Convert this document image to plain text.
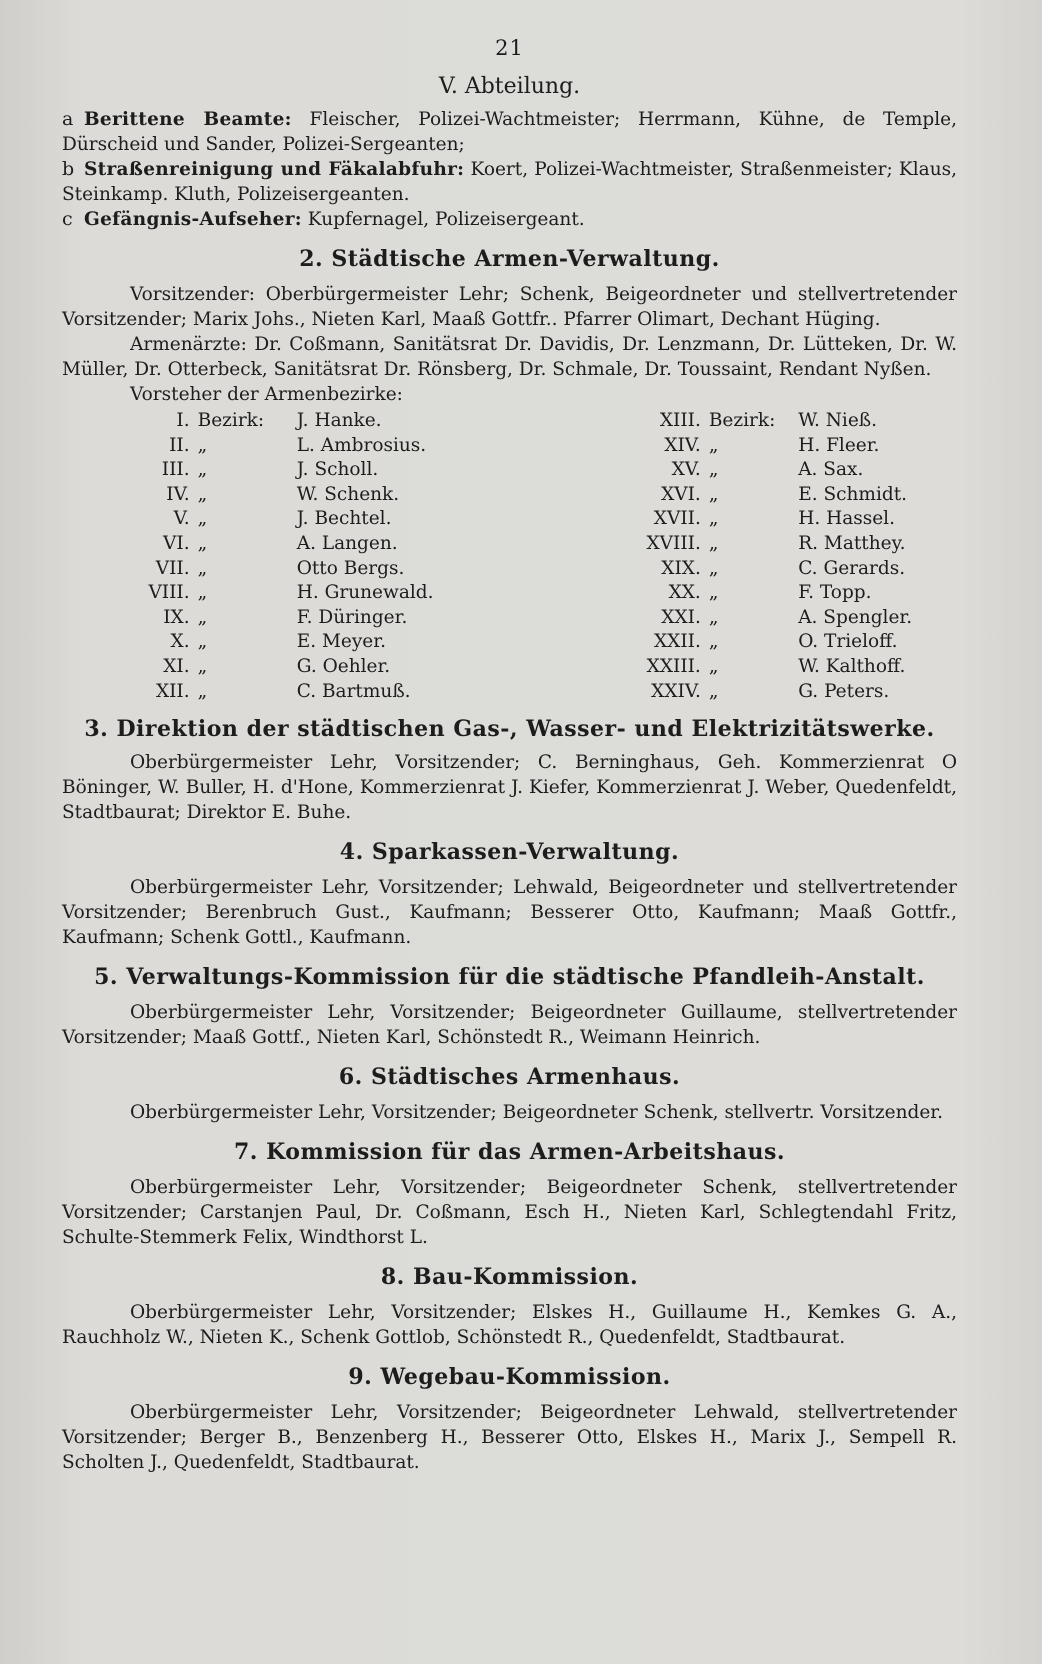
21
V. Abteilung.

a Berittene Beamte: Fleischer, Polizei-Wachtmeister; Herrmann, Kühne, de Temple, Dürscheid und Sander, Polizei-Sergeanten;

b Straßenreinigung und Fäkalabfuhr: Koert, Polizei-Wachtmeister, Straßenmeister; Klaus, Steinkamp. Kluth, Polizeisergeanten.

c Gefängnis-Aufseher: Kupfernagel, Polizeisergeant.

2. Städtische Armen-Verwaltung.

Vorsitzender: Oberbürgermeister Lehr; Schenk, Beigeordneter und stellvertretender Vorsitzender; Marix Johs., Nieten Karl, Maaß Gottfr.. Pfarrer Olimart, Dechant Hüging.

Armenärzte: Dr. Coßmann, Sanitätsrat Dr. Davidis, Dr. Lenzmann, Dr. Lütteken, Dr. W. Müller, Dr. Otterbeck, Sanitätsrat Dr. Rönsberg, Dr. Schmale, Dr. Toussaint, Rendant Nyßen.

Vorsteher der Armenbezirke:

I.	Bezirk:	J. Hanke.	XIII.	Bezirk:	W. Nieß.
II.	„	L. Ambrosius.	XIV.	„	H. Fleer.
III.	„	J. Scholl.	XV.	„	A. Sax.
IV.	„	W. Schenk.	XVI.	„	E. Schmidt.
V.	„	J. Bechtel.	XVII.	„	H. Hassel.
VI.	„	A. Langen.	XVIII.	„	R. Matthey.
VII.	„	Otto Bergs.	XIX.	„	C. Gerards.
VIII.	„	H. Grunewald.	XX.	„	F. Topp.
IX.	„	F. Düringer.	XXI.	„	A. Spengler.
X.	„	E. Meyer.	XXII.	„	O. Trieloff.
XI.	„	G. Oehler.	XXIII.	„	W. Kalthoff.
XII.	„	C. Bartmuß.	XXIV.	„	G. Peters.
3. Direktion der städtischen Gas-, Wasser- und Elektrizitätswerke.

Oberbürgermeister Lehr, Vorsitzender; C. Berninghaus, Geh. Kommerzienrat O Böninger, W. Buller, H. d'Hone, Kommerzienrat J. Kiefer, Kommerzienrat J. Weber, Quedenfeldt, Stadtbaurat; Direktor E. Buhe.

4. Sparkassen-Verwaltung.

Oberbürgermeister Lehr, Vorsitzender; Lehwald, Beigeordneter und stellvertretender Vorsitzender; Berenbruch Gust., Kaufmann; Besserer Otto, Kaufmann; Maaß Gottfr., Kaufmann; Schenk Gottl., Kaufmann.

5. Verwaltungs-Kommission für die städtische Pfandleih-Anstalt.

Oberbürgermeister Lehr, Vorsitzender; Beigeordneter Guillaume, stellvertretender Vorsitzender; Maaß Gottf., Nieten Karl, Schönstedt R., Weimann Heinrich.

6. Städtisches Armenhaus.

Oberbürgermeister Lehr, Vorsitzender; Beigeordneter Schenk, stellvertr. Vorsitzender.

7. Kommission für das Armen-Arbeitshaus.

Oberbürgermeister Lehr, Vorsitzender; Beigeordneter Schenk, stellvertretender Vorsitzender; Carstanjen Paul, Dr. Coßmann, Esch H., Nieten Karl, Schlegtendahl Fritz, Schulte-Stemmerk Felix, Windthorst L.

8. Bau-Kommission.

Oberbürgermeister Lehr, Vorsitzender; Elskes H., Guillaume H., Kemkes G. A., Rauchholz W., Nieten K., Schenk Gottlob, Schönstedt R., Quedenfeldt, Stadtbaurat.

9. Wegebau-Kommission.

Oberbürgermeister Lehr, Vorsitzender; Beigeordneter Lehwald, stellvertretender Vorsitzender; Berger B., Benzenberg H., Besserer Otto, Elskes H., Marix J., Sempell R. Scholten J., Quedenfeldt, Stadtbaurat.
